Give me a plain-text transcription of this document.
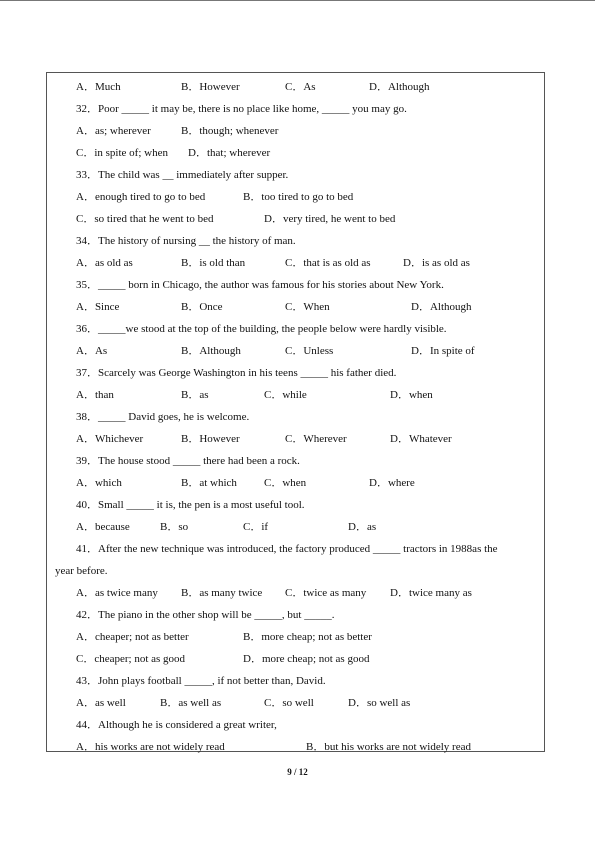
A．Much	B．However	C．As	D．Although
32．Poor _____ it may be, there is no place like home, _____ you may go.
A．as; wherever	B．though; whenever
C．in spite of; when D．that; wherever
33．The child was __ immediately after supper.
A．enough tired to go to bed	B．too tired to go to bed
C．so tired that he went to bed	D．very tired, he went to bed
34．The history of nursing __ the history of man.
A．as old as	B．is old than	C．that is as old as	D．is as old as
35．_____ born in Chicago, the author was famous for his stories about New York.
A．Since	B．Once	C．When	D．Although
36．_____we stood at the top of the building, the people below were hardly visible.
A．As	B．Although	C．Unless	D．In spite of
37．Scarcely was George Washington in his teens _____ his father died.
A．than	B．as	C．while	D．when
38．_____ David goes, he is welcome.
A．Whichever	B．However	C．Wherever	D．Whatever
39．The house stood _____ there had been a rock.
A．which	B．at which C．when	D．where
40．Small _____ it is, the pen is a most useful tool.
A．because	B．so	C．if	D．as
41．After the new technique was introduced, the factory produced _____ tractors in 1988as the
year before.
A．as twice many B．as many twice C．twice as many D．twice many as
42．The piano in the other shop will be _____, but _____.
A．cheaper; not as better	B．more cheap; not as better
C．cheaper; not as good	D．more cheap; not as good
43．John plays football _____, if not better than, David.
A．as well	B．as well as	C．so well	D．so well as
44．Although he is considered a great writer,
A．his works are not widely read	B．but his works are not widely read
9 / 12
